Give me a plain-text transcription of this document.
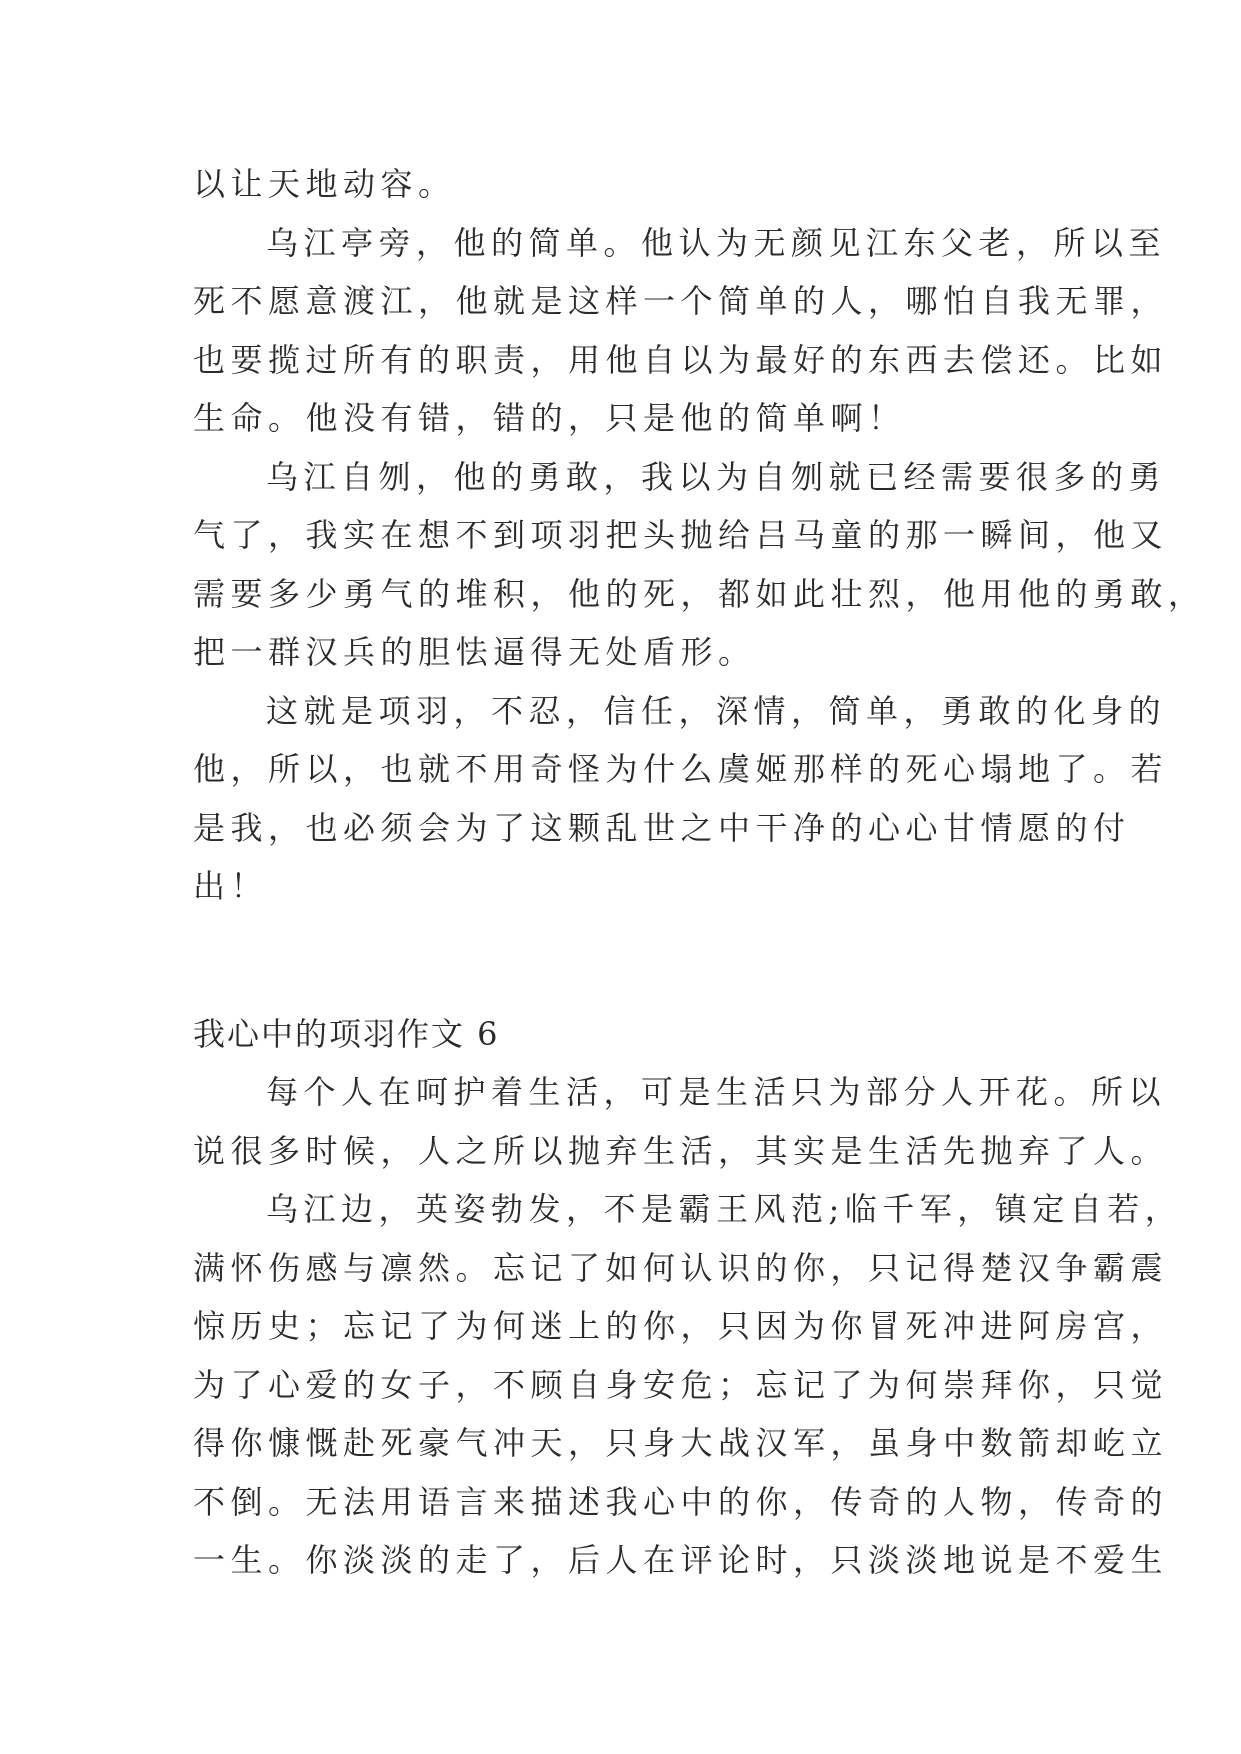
以让天地动容。
乌江亭旁，他的简单。他认为无颜见江东父老，所以至
死不愿意渡江，他就是这样一个简单的人，哪怕自我无罪，
也要揽过所有的职责，用他自以为最好的东西去偿还。比如
生命。他没有错，错的，只是他的简单啊！
乌江自刎，他的勇敢，我以为自刎就已经需要很多的勇
气了，我实在想不到项羽把头抛给吕马童的那一瞬间，他又
需要多少勇气的堆积，他的死，都如此壮烈，他用他的勇敢，
把一群汉兵的胆怯逼得无处盾形。
这就是项羽，不忍，信任，深情，简单，勇敢的化身的
他，所以，也就不用奇怪为什么虞姬那样的死心塌地了。若
是我，也必须会为了这颗乱世之中干净的心心甘情愿的付
出！
我心中的项羽作文 6
每个人在呵护着生活，可是生活只为部分人开花。所以
说很多时候，人之所以抛弃生活，其实是生活先抛弃了人。
乌江边，英姿勃发，不是霸王风范;临千军，镇定自若，
满怀伤感与凛然。忘记了如何认识的你，只记得楚汉争霸震
惊历史；忘记了为何迷上的你，只因为你冒死冲进阿房宫，
为了心爱的女子，不顾自身安危；忘记了为何崇拜你，只觉
得你慷慨赴死豪气冲天，只身大战汉军，虽身中数箭却屹立
不倒。无法用语言来描述我心中的你，传奇的人物，传奇的
一生。你淡淡的走了，后人在评论时，只淡淡地说是不爱生
